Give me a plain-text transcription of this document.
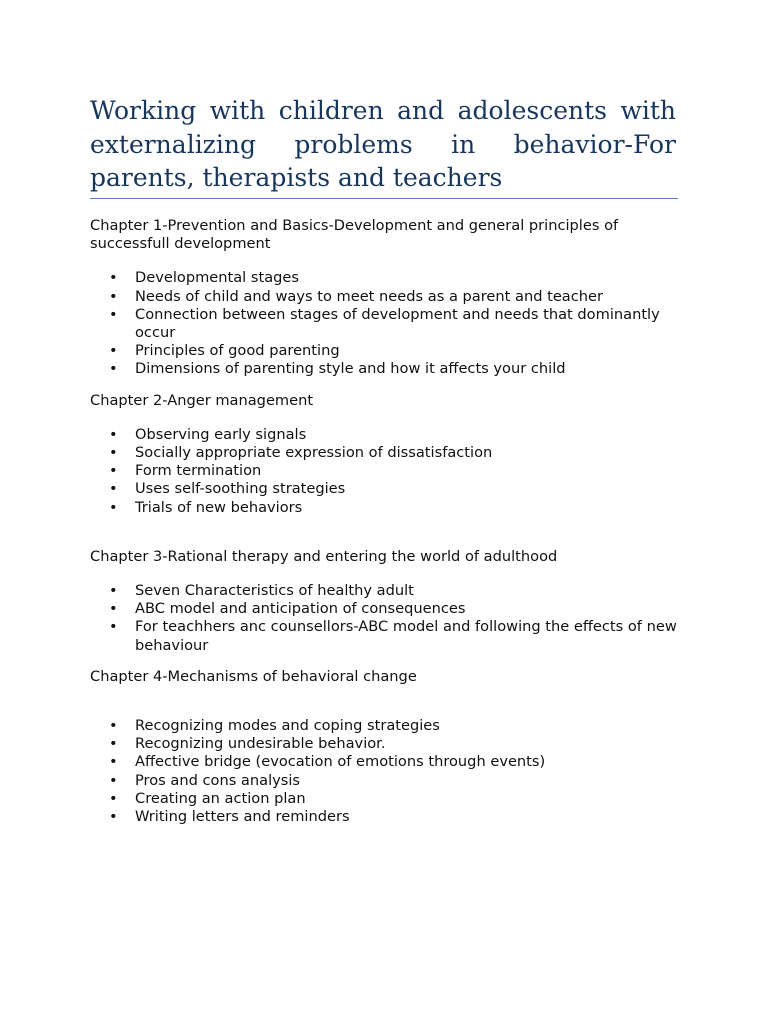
Working with children and adolescents with externalizing problems in behavior-For parents, therapists and teachers

Chapter 1-Prevention and Basics-Development and general principles of successfull development

• Developmental stages
• Needs of child and ways to meet needs as a parent and teacher
• Connection between stages of development and needs that dominantly occur
• Principles of good parenting
• Dimensions of parenting style and how it affects your child

Chapter 2-Anger management

• Observing early signals
• Socially appropriate expression of dissatisfaction
• Form termination
• Uses self-soothing strategies
• Trials of new behaviors

Chapter 3-Rational therapy and entering the world of adulthood

• Seven Characteristics of healthy adult
• ABC model and anticipation of consequences
• For teachhers anc counsellors-ABC model and following the effects of new behaviour

Chapter 4-Mechanisms of behavioral change

• Recognizing modes and coping strategies
• Recognizing undesirable behavior.
• Affective bridge (evocation of emotions through events)
• Pros and cons analysis
• Creating an action plan
• Writing letters and reminders
